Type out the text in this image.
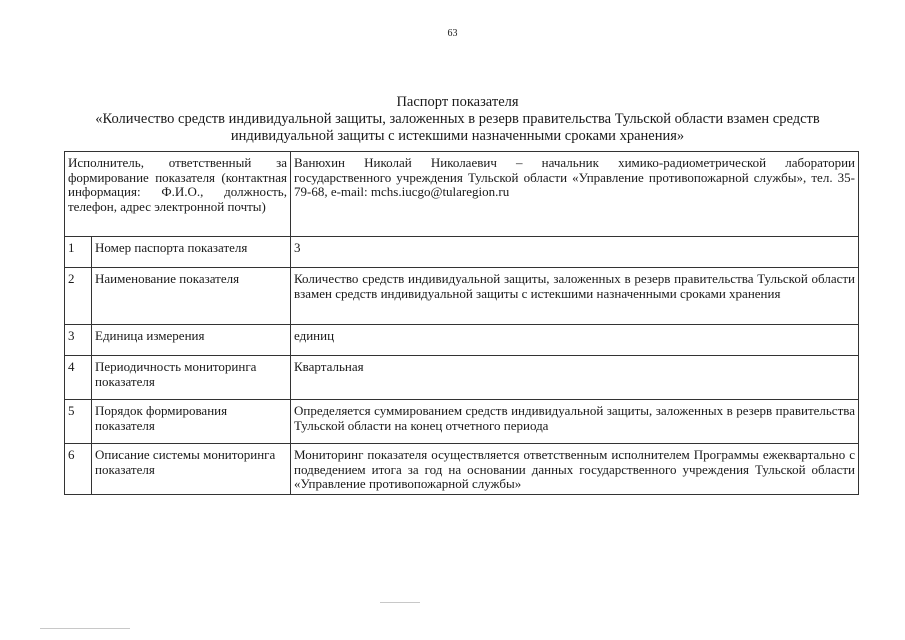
63
Паспорт показателя
«Количество средств индивидуальной защиты, заложенных в резерв правительства Тульской области взамен средств
индивидуальной защиты с истекшими назначенными сроками хранения»
Исполнитель, ответственный за формирование показателя (контактная информация: Ф.И.О., должность, телефон, адрес электронной почты)		Ванюхин Николай Николаевич – начальник химико-радиометрической лаборатории государственного учреждения Тульской области «Управление противопожарной службы», тел. 35-79-68, e-mail: mchs.iucgo@tularegion.ru
1	Номер паспорта показателя	3
2	Наименование показателя	Количество средств индивидуальной защиты, заложенных в резерв правительства Тульской области взамен средств индивидуальной защиты с истекшими назначенными сроками хранения
3	Единица измерения	единиц
4	Периодичность мониторинга показателя	Квартальная
5	Порядок формирования показателя	Определяется суммированием средств индивидуальной защиты, заложенных в резерв правительства Тульской области на конец отчетного периода
6	Описание системы мониторинга показателя	Мониторинг показателя осуществляется ответственным исполнителем Программы ежеквартально с подведением итога за год на основании данных государственного учреждения Тульской области «Управление противопожарной службы»
